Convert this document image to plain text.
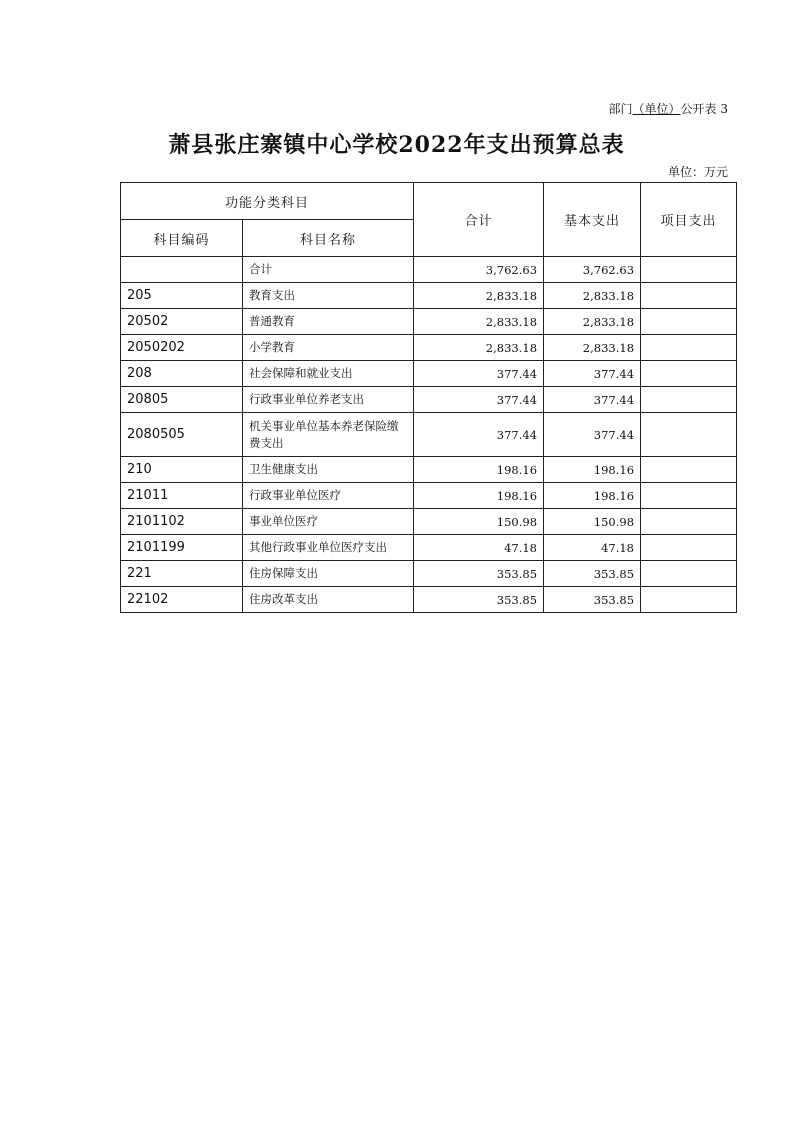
部门（单位）公开表 3
萧县张庄寨镇中心学校2022年支出预算总表
单位：万元
功能分类科目		合计	基本支出	项目支出
科目编码	科目名称			
	合计	3,762.63	3,762.63	
205	教育支出	2,833.18	2,833.18	
20502	普通教育	2,833.18	2,833.18	
2050202	小学教育	2,833.18	2,833.18	
208	社会保障和就业支出	377.44	377.44	
20805	行政事业单位养老支出	377.44	377.44	
2080505	机关事业单位基本养老保险缴费支出	377.44	377.44	
210	卫生健康支出	198.16	198.16	
21011	行政事业单位医疗	198.16	198.16	
2101102	事业单位医疗	150.98	150.98	
2101199	其他行政事业单位医疗支出	47.18	47.18	
221	住房保障支出	353.85	353.85	
22102	住房改革支出	353.85	353.85	
